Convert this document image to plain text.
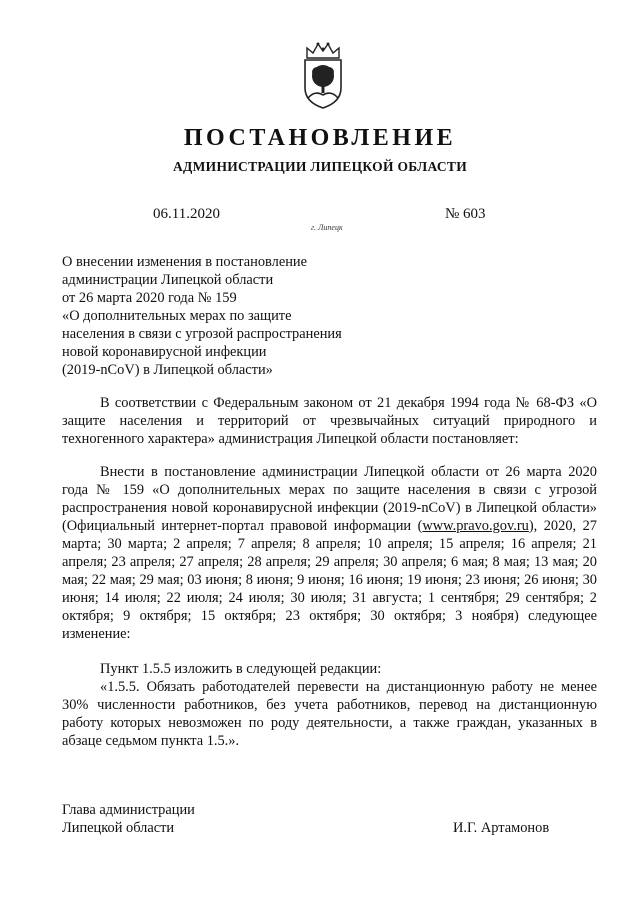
ПОСТАНОВЛЕНИЕ
АДМИНИСТРАЦИИ ЛИПЕЦКОЙ ОБЛАСТИ
06.11.2020
г. Липецк
№ 603
О внесении изменения в постановление
администрации Липецкой области
от 26 марта 2020 года № 159
«О дополнительных мерах по защите
населения в связи с угрозой распространения
новой коронавирусной инфекции
(2019-nCoV) в Липецкой области»
В соответствии с Федеральным законом от 21 декабря 1994 года № 68-ФЗ «О защите населения и территорий от чрезвычайных ситуаций природного и техногенного характера» администрация Липецкой области постановляет:
Внести в постановление администрации Липецкой области от 26 марта 2020 года № 159 «О дополнительных мерах по защите населения в связи с угрозой распространения новой коронавирусной инфекции (2019-nCoV) в Липецкой области» (Официальный интернет-портал правовой информации (www.pravo.gov.ru), 2020, 27 марта; 30 марта; 2 апреля; 7 апреля; 8 апреля; 10 апреля; 15 апреля; 16 апреля; 21 апреля; 23 апреля; 27 апреля; 28 апреля; 29 апреля; 30 апреля; 6 мая; 8 мая; 13 мая; 20 мая; 22 мая; 29 мая; 03 июня; 8 июня; 9 июня; 16 июня; 19 июня; 23 июня; 26 июня; 30 июня; 14 июля; 22 июля; 24 июля; 30 июля; 31 августа; 1 сентября; 29 сентября; 2 октября; 9 октября; 15 октября; 23 октября; 30 октября; 3 ноября) следующее изменение:
Пункт 1.5.5 изложить в следующей редакции:
«1.5.5. Обязать работодателей перевести на дистанционную работу не менее 30% численности работников, без учета работников, перевод на дистанционную работу которых невозможен по роду деятельности, а также граждан, указанных в абзаце седьмом пункта 1.5.».
Глава администрации
Липецкой области	И.Г. Артамонов
